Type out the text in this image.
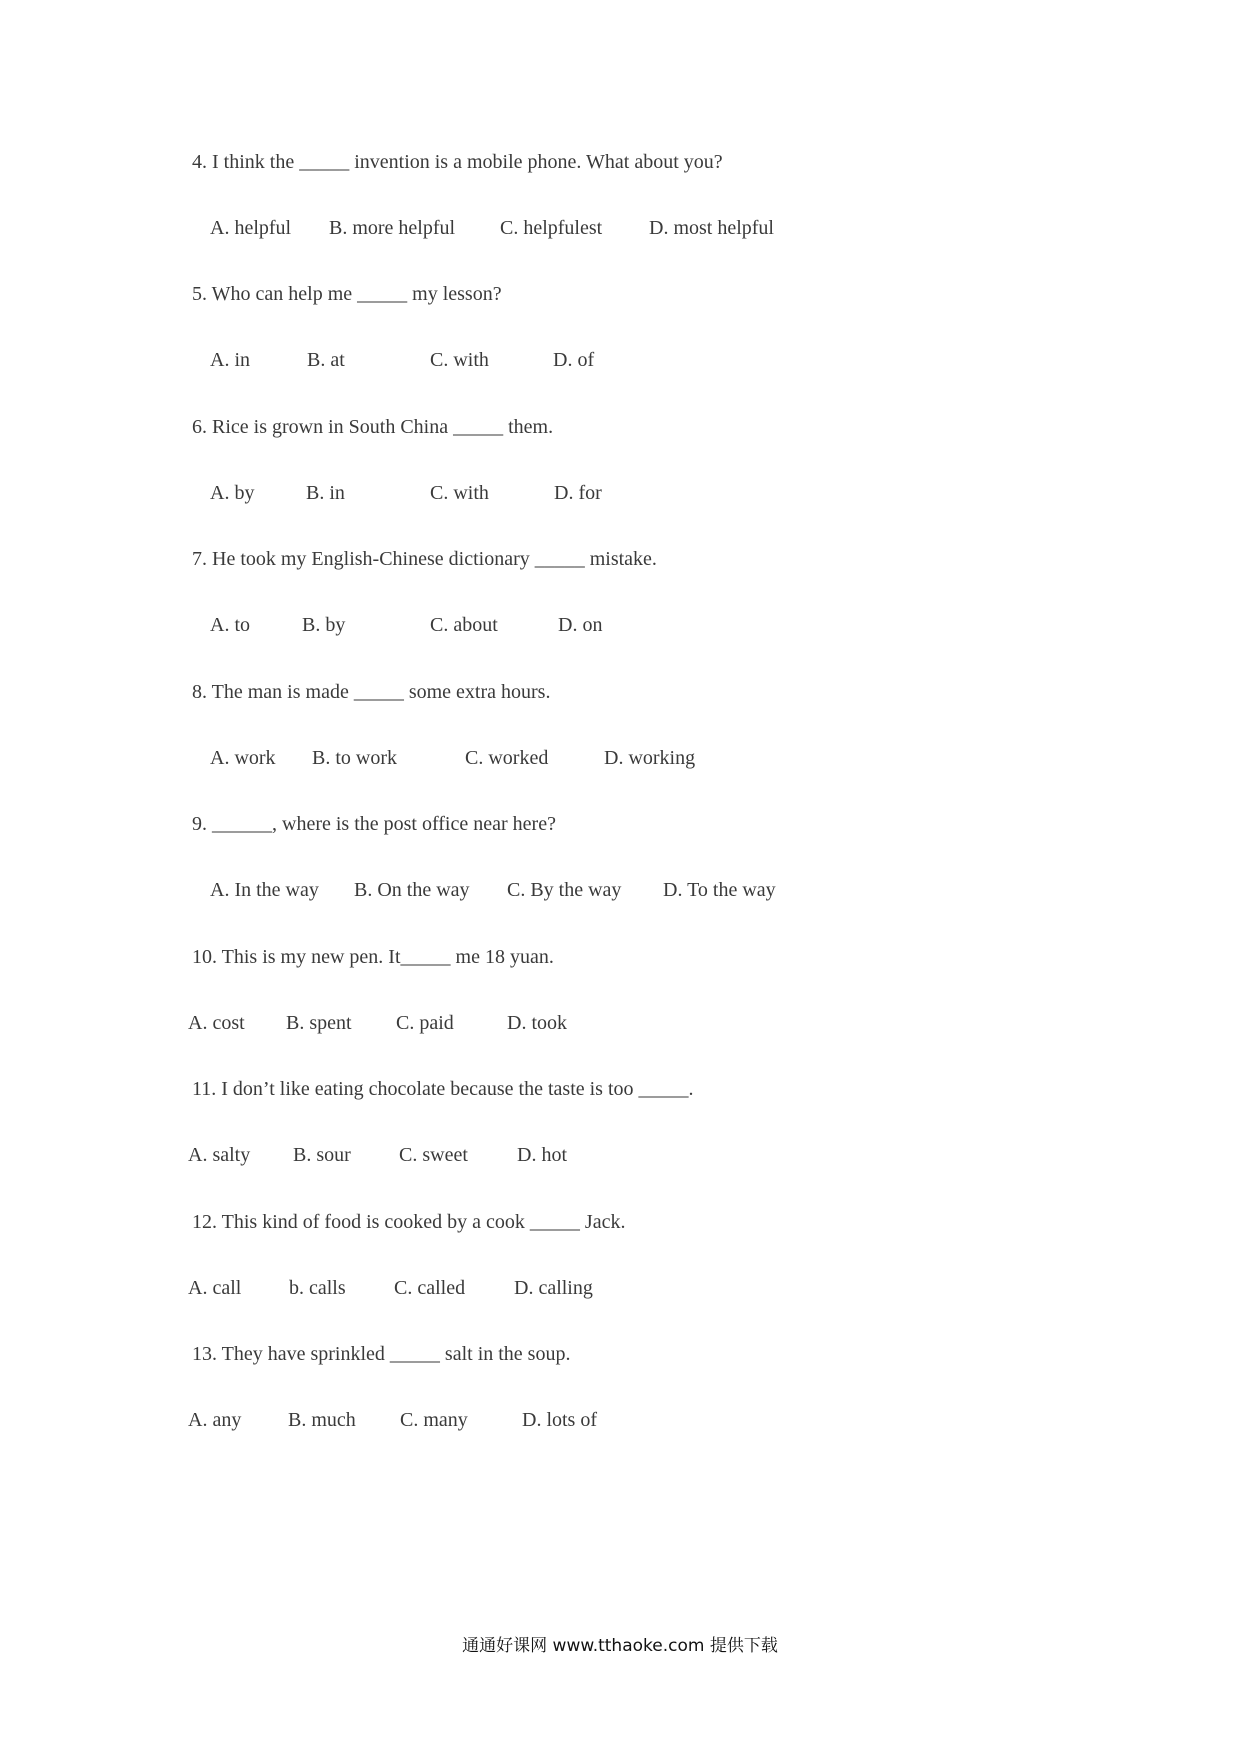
4. I think the _____ invention is a mobile phone. What about you?

A. helpful

B. more helpful

C. helpfulest

D. most helpful

5. Who can help me _____ my lesson?

A. in

	B. at

	C. with

	D. of

6. Rice is grown in South China _____ them.

A. by

	B. in

	C. with

	D. for

7. He took my English-Chinese dictionary _____ mistake.

A. to

	B. by

	C. about

	D. on

8. The man is made _____ some extra hours.

A. work

B. to work

	C. worked

	D. working

9. ______, where is the post office near here?

A. In the way

B. On the way

C. By the way

D. To the way

10. This is my new pen. It_____ me 18 yuan.

A. cost

B. spent

C. paid

	D. took

11. I don’t like eating chocolate because the taste is too _____.

A. salty

B. sour

C. sweet

D. hot

12. This kind of food is cooked by a cook _____ Jack.

A. call

b. calls

C. called

D. calling

13. They have sprinkled _____ salt in the soup.

A. any

B. much

C. many

	D. lots of

通通好课网 www.tthaoke.com 提供下载
